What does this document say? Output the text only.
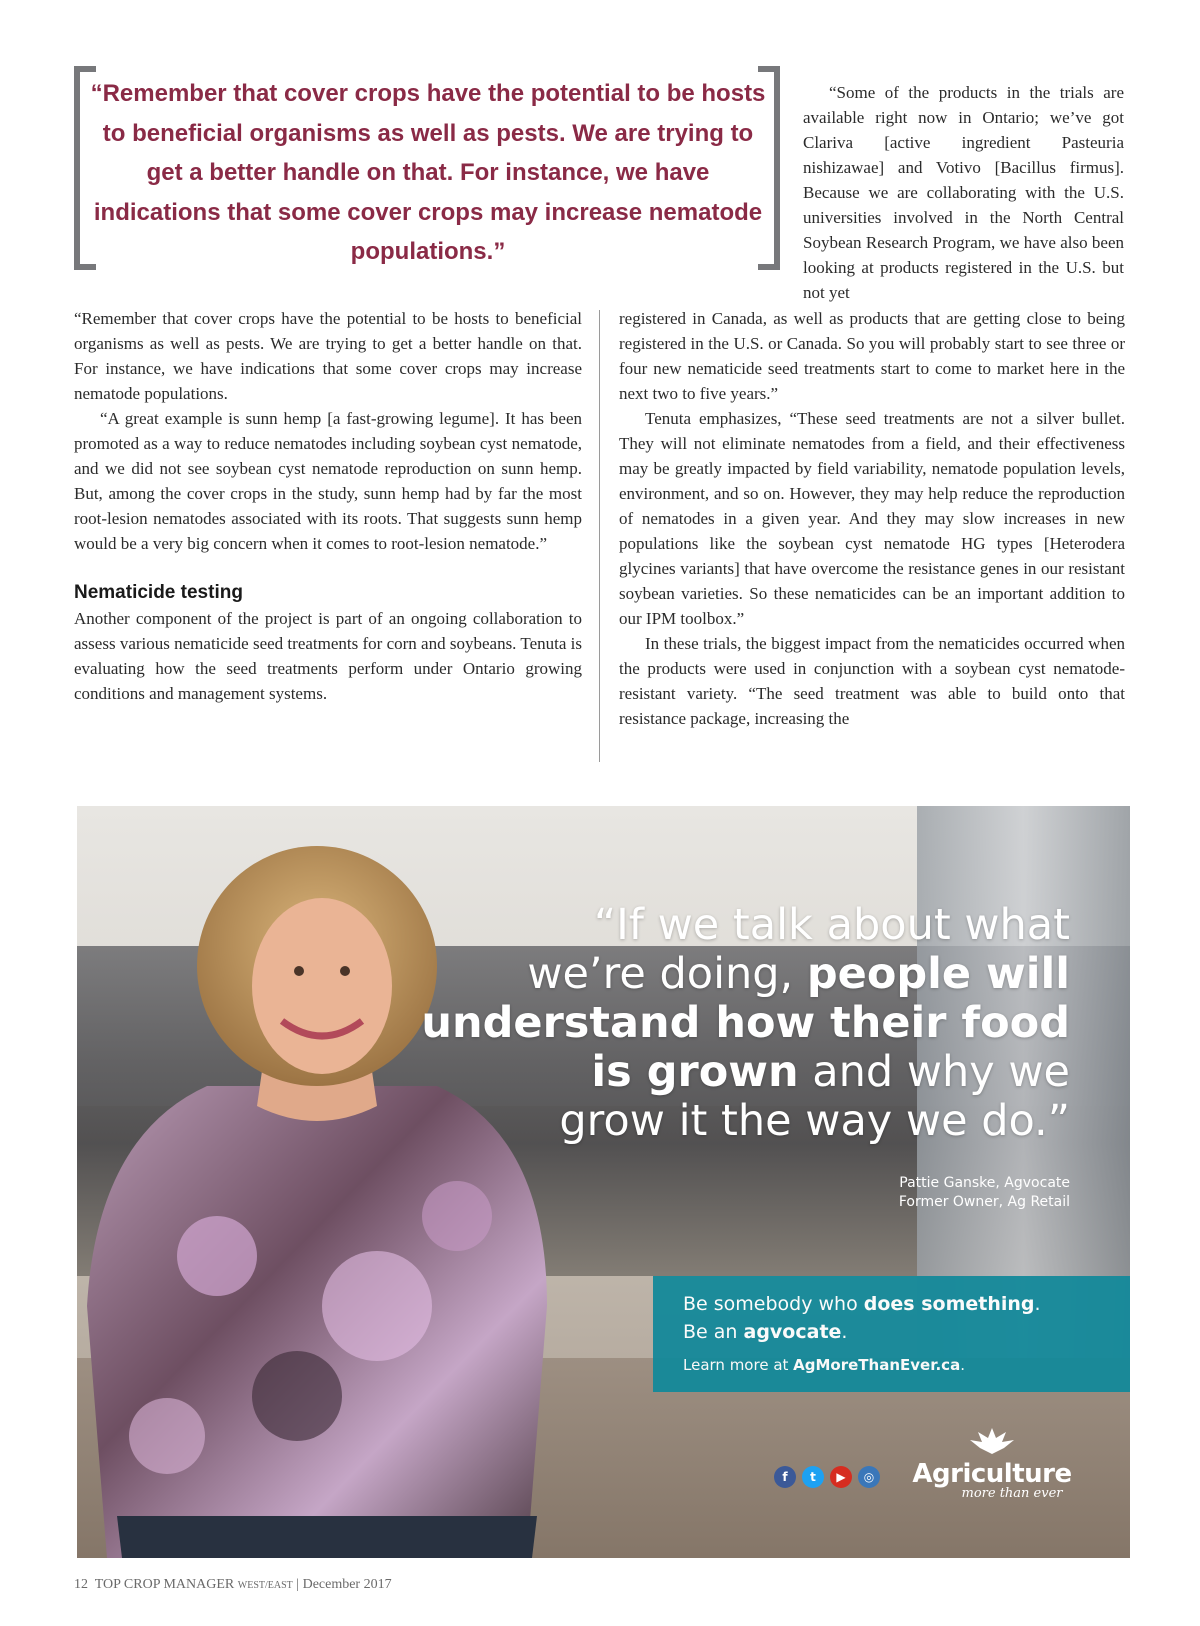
“Remember that cover crops have the potential to be hosts to beneficial organisms as well as pests. We are trying to get a better handle on that. For instance, we have indications that some cover crops may increase nematode populations.”

“Some of the products in the trials are available right now in Ontario; we’ve got Clariva [active ingredient Pasteuria nishizawae] and Votivo [Bacillus firmus]. Because we are collaborating with the U.S. universities involved in the North Central Soybean Research Program, we have also been looking at products registered in the U.S. but not yet

“Remember that cover crops have the potential to be hosts to beneficial organisms as well as pests. We are trying to get a better handle on that. For instance, we have indications that some cover crops may increase nematode populations.

“A great example is sunn hemp [a fast-growing legume]. It has been promoted as a way to reduce nematodes including soybean cyst nematode, and we did not see soybean cyst nematode reproduction on sunn hemp. But, among the cover crops in the study, sunn hemp had by far the most root-lesion nematodes associated with its roots. That suggests sunn hemp would be a very big concern when it comes to root-lesion nematode.”

Nematicide testing

Another component of the project is part of an ongoing collaboration to assess various nematicide seed treatments for corn and soybeans. Tenuta is evaluating how the seed treatments perform under Ontario growing conditions and management systems.

registered in Canada, as well as products that are getting close to being registered in the U.S. or Canada. So you will probably start to see three or four new nematicide seed treatments start to come to market here in the next two to five years.”

Tenuta emphasizes, “These seed treatments are not a silver bullet. They will not eliminate nematodes from a field, and their effectiveness may be greatly impacted by field variability, nematode population levels, environment, and so on. However, they may help reduce the reproduction of nematodes in a given year. And they may slow increases in new populations like the soybean cyst nematode HG types [Heterodera glycines variants] that have overcome the resistance genes in our resistant soybean varieties. So these nematicides can be an important addition to our IPM toolbox.”

In these trials, the biggest impact from the nematicides occurred when the products were used in conjunction with a soybean cyst nematode-resistant variety. “The seed treatment was able to build onto that resistance package, increasing the

“If we talk about what
we’re doing, people will
understand how their food
is grown and why we
grow it the way we do.”
Pattie Ganske, Agvocate
Former Owner, Ag Retail
Be somebody who does something.
Be an agvocate.
Learn more at AgMoreThanEver.ca.
f	t	▶	◎ Agriculture
more than ever
12 TOP CROP MANAGER WEST/EAST | December 2017
